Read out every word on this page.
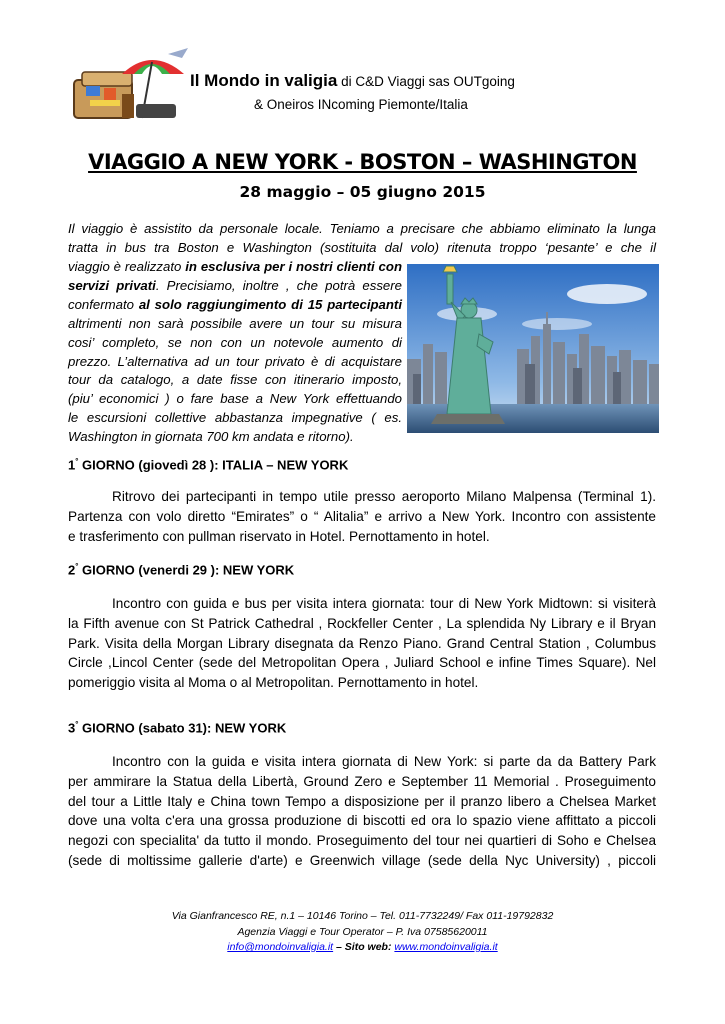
Il Mondo in valigia di C&D Viaggi sas OUTgoing
& Oneiros INcoming Piemonte/Italia
VIAGGIO A NEW YORK - BOSTON – WASHINGTON
28 maggio – 05 giugno 2015
Il viaggio è assistito da personale locale. Teniamo a precisare che abbiamo eliminato la lunga
tratta in bus tra Boston e Washington (sostituita dal volo) ritenuta troppo ‘pesante’ e che il
viaggio è realizzato in esclusiva per i nostri clienti con
servizi privati. Precisiamo, inoltre , che potrà essere
confermato al solo raggiungimento di 15 partecipanti
altrimenti non sarà possibile avere un tour su misura
cosi’ completo, se non con un notevole aumento di
prezzo. L’alternativa ad un tour privato è di acquistare
tour da catalogo, a date fisse con itinerario imposto,
(piu’ economici ) o fare base a New York effettuando
le escursioni collettive abbastanza impegnative ( es.
Washington in giornata 700 km andata e ritorno).
1° GIORNO (giovedì 28 ): ITALIA – NEW YORK
Ritrovo dei partecipanti in tempo utile presso aeroporto Milano Malpensa (Terminal 1).
Partenza con volo diretto “Emirates” o “ Alitalia” e arrivo a New York. Incontro con assistente
e trasferimento con pullman riservato in Hotel. Pernottamento in hotel.
2° GIORNO (venerdi 29 ): NEW YORK
Incontro con guida e bus per visita intera giornata: tour di New York Midtown: si visiterà
la Fifth avenue con St Patrick Cathedral , Rockfeller Center , La splendida Ny Library e il Bryan
Park. Visita della Morgan Library disegnata da Renzo Piano. Grand Central Station , Columbus
Circle ,Lincol Center (sede del Metropolitan Opera , Juliard School e infine Times Square). Nel
pomeriggio visita al Moma o al Metropolitan. Pernottamento in hotel.
3° GIORNO (sabato 31): NEW YORK
Incontro con la guida e visita intera giornata di New York: si parte da da Battery Park
per ammirare la Statua della Libertà, Ground Zero e September 11 Memorial . Proseguimento
del tour a Little Italy e China town Tempo a disposizione per il pranzo libero a Chelsea Market
dove una volta c'era una grossa produzione di biscotti ed ora lo spazio viene affittato a piccoli
negozi con specialita' da tutto il mondo. Proseguimento del tour nei quartieri di Soho e Chelsea
(sede di moltissime gallerie d'arte) e Greenwich village (sede della Nyc University) , piccoli
Via Gianfrancesco RE, n.1 – 10146 Torino – Tel. 011-7732249/ Fax 011-19792832
Agenzia Viaggi e Tour Operator – P. Iva 07585620011
info@mondoinvaligia.it – Sito web: www.mondoinvaligia.it
